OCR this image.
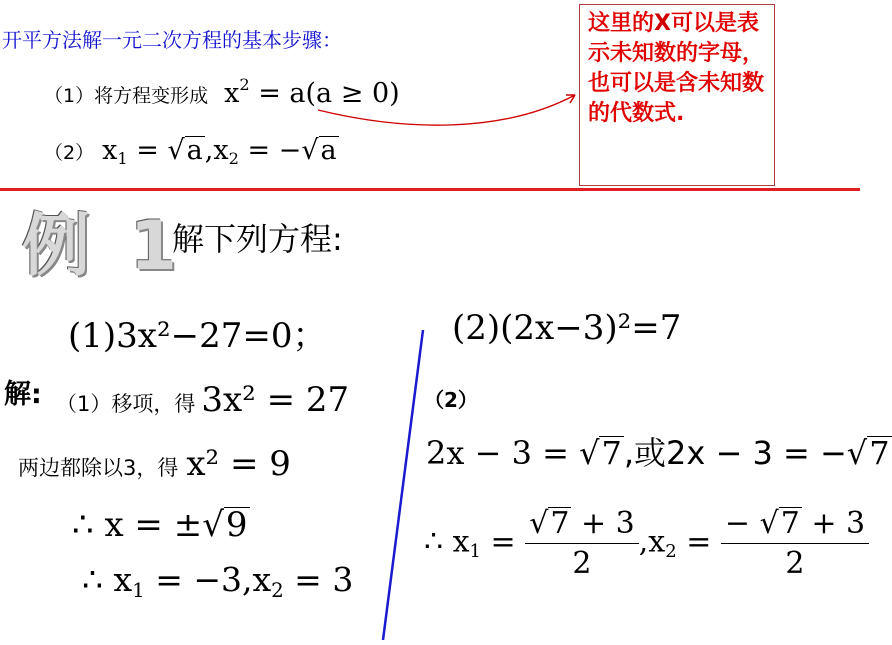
开平方法解一元二次方程的基本步骤：
（1）将方程变形成 $x^2 = a(a \ge 0)$
（2） $x_1 = √a,x_2 = -√a$
这里的X可以是表示未知数的字母，也可以是含未知数的代数式.
例 1
解下列方程:
(1)3x²−27=0；	(2)(2x−3)²=7
解: （1）移项，得 3x² = 27
两边都除以3，得 x² = 9
∴ x = ±√9
∴ $x_1 = -3,x_2 = 3$
（2）
2x − 3 = √7,或2x − 3 = −√7
∴ $x_1 = \frac{√7 + 3}{2} ,x_2 = \frac{- √7 + 3}{2}$
